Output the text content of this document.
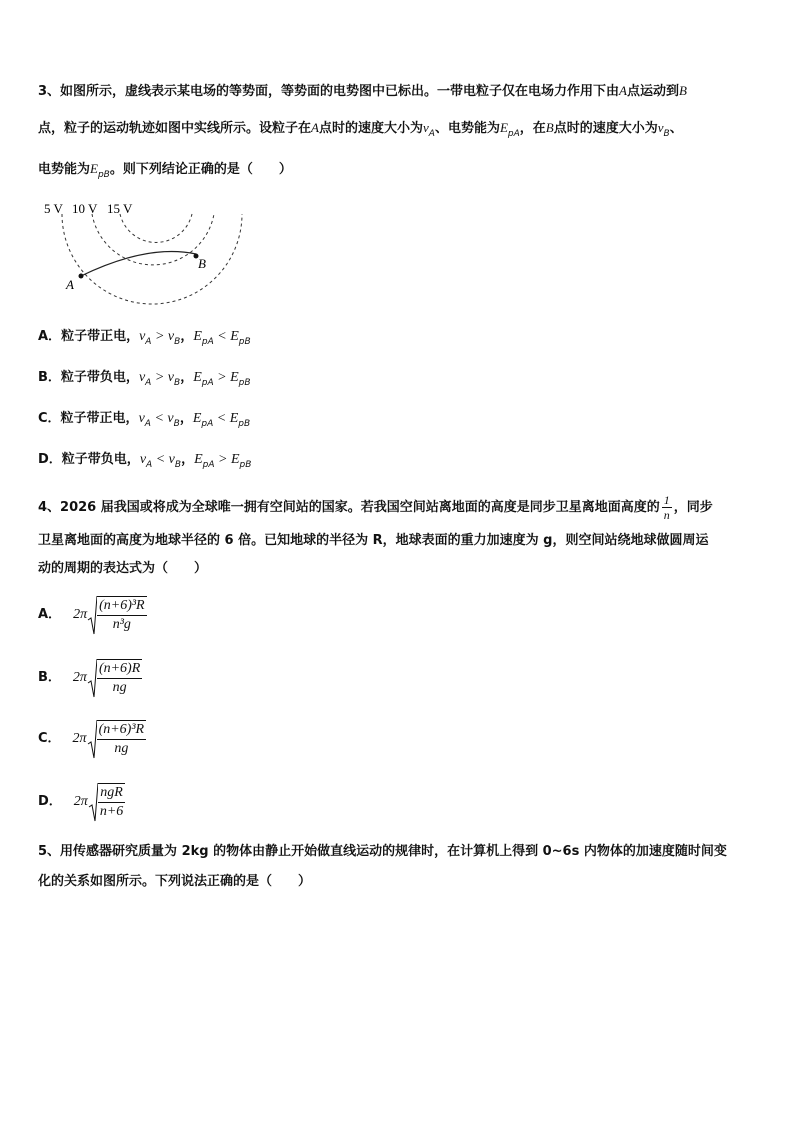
3、如图所示，虚线表示某电场的等势面，等势面的电势图中已标出。一带电粒子仅在电场力作用下由A点运动到B
点，粒子的运动轨迹如图中实线所示。设粒子在A点时的速度大小为$v_A$、电势能为$E_{pA}$，在B点时的速度大小为$v_B$、
电势能为$E_{pB}$。则下列结论正确的是（　　）
5 V 10 V 15 V
A
B
A．粒子带正电，$v_A > v_B$，$E_{pA} < E_{pB}$
B．粒子带负电，$v_A > v_B$，$E_{pA} > E_{pB}$
C．粒子带正电，$v_A < v_B$，$E_{pA} < E_{pB}$
D．粒子带负电，$v_A < v_B$，$E_{pA} > E_{pB}$
4、2026 届我国或将成为全球唯一拥有空间站的国家。若我国空间站离地面的高度是同步卫星离地面高度的 $\frac{1}{n}$ ，同步
卫星离地面的高度为地球半径的 6 倍。已知地球的半径为 R，地球表面的重力加速度为 g，则空间站绕地球做圆周运
动的周期的表达式为（　　）
A． $2\pi \frac{\text{(n+6)³R}}{\text{n³g}}$
B． $2\pi \frac{(n+6)R}{ng}$
C． $2\pi \frac{\text{(n+6)³R}}{ng}$
D． $2\pi \frac{\text{ngR}}{n+6}$
5、用传感器研究质量为 2kg 的物体由静止开始做直线运动的规律时，在计算机上得到 0~6s 内物体的加速度随时间变
化的关系如图所示。下列说法正确的是（　　）
